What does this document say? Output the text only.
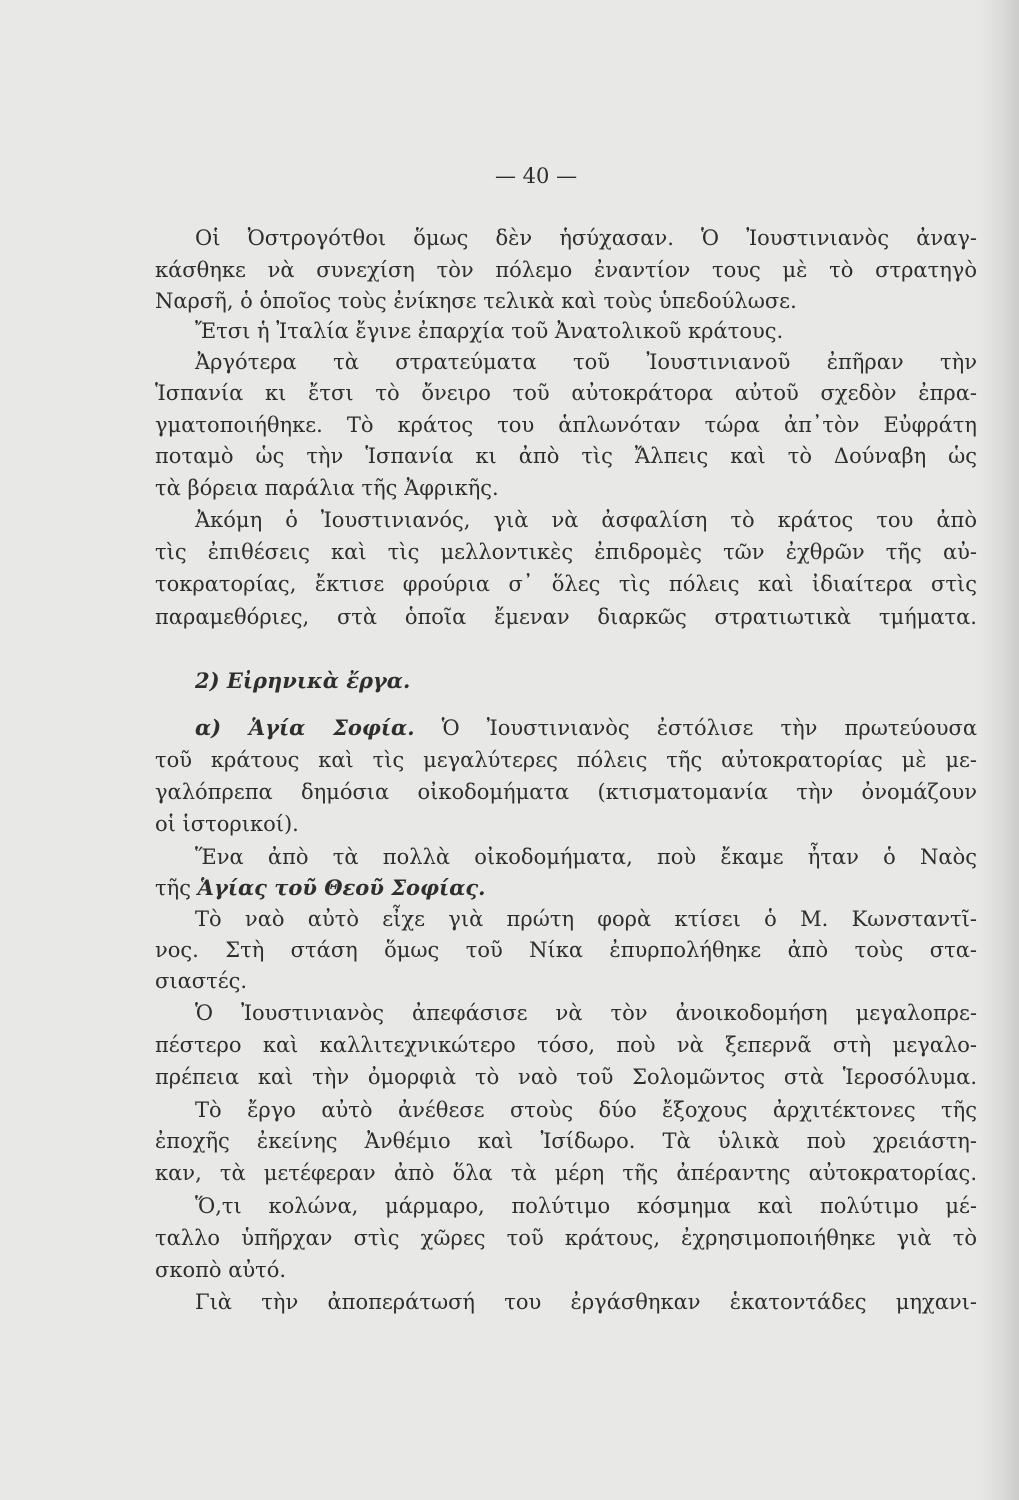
— 40 —
Οἱ Ὀστρογότθοι ὅμως δὲν ἡσύχασαν. Ὁ Ἰουστινιανὸς ἀναγ-
κάσθηκε νὰ συνεχίση τὸν πόλεμο ἐναντίον τους μὲ τὸ στρατηγὸ
Ναρσῆ, ὁ ὁποῖος τοὺς ἐνίκησε τελικὰ καὶ τοὺς ὑπεδούλωσε.
Ἔτσι ἡ Ἰταλία ἔγινε ἐπαρχία τοῦ Ἀνατολικοῦ κράτους.
Ἀργότερα τὰ στρατεύματα τοῦ Ἰουστινιανοῦ ἐπῆραν τὴν
Ἱσπανία κι ἔτσι τὸ ὄνειρο τοῦ αὐτοκράτορα αὐτοῦ σχεδὸν ἐπρα-
γματοποιήθηκε. Τὸ κράτος του ἁπλωνόταν τώρα ἀπ᾽τὸν Εὐφράτη
ποταμὸ ὡς τὴν Ἱσπανία κι ἀπὸ τὶς Ἄλπεις καὶ τὸ Δούναβη ὡς
τὰ βόρεια παράλια τῆς Ἀφρικῆς.
Ἀκόμη ὁ Ἰουστινιανός, γιὰ νὰ ἀσφαλίση τὸ κράτος του ἀπὸ
τὶς ἐπιθέσεις καὶ τὶς μελλοντικὲς ἐπιδρομὲς τῶν ἐχθρῶν τῆς αὐ-
τοκρατορίας, ἔκτισε φρούρια σ᾽ ὅλες τὶς πόλεις καὶ ἰδιαίτερα στὶς
παραμεθόριες, στὰ ὁποῖα ἔμεναν διαρκῶς στρατιωτικὰ τμήματα.
2) Εἰρηνικὰ ἔργα.
α) Ἁγία Σοφία. Ὁ Ἰουστινιανὸς ἐστόλισε τὴν πρωτεύουσα
τοῦ κράτους καὶ τὶς μεγαλύτερες πόλεις τῆς αὐτοκρατορίας μὲ με-
γαλόπρεπα δημόσια οἰκοδομήματα (κτισματομανία τὴν ὀνομάζουν
οἱ ἱστορικοί).
Ἕνα ἀπὸ τὰ πολλὰ οἰκοδομήματα, ποὺ ἔκαμε ἦταν ὁ Ναὸς
τῆς Ἁγίας τοῦ Θεοῦ Σοφίας.
Τὸ ναὸ αὐτὸ εἶχε γιὰ πρώτη φορὰ κτίσει ὁ Μ. Κωνσταντῖ-
νος. Στὴ στάση ὅμως τοῦ Νίκα ἐπυρπολήθηκε ἀπὸ τοὺς στα-
σιαστές.
Ὁ Ἰουστινιανὸς ἀπεφάσισε νὰ τὸν ἀνοικοδομήση μεγαλοπρε-
πέστερο καὶ καλλιτεχνικώτερο τόσο, ποὺ νὰ ξεπερνᾶ στὴ μεγαλο-
πρέπεια καὶ τὴν ὀμορφιὰ τὸ ναὸ τοῦ Σολομῶντος στὰ Ἱεροσόλυμα.
Τὸ ἔργο αὐτὸ ἀνέθεσε στοὺς δύο ἔξοχους ἀρχιτέκτονες τῆς
ἐποχῆς ἐκείνης Ἀνθέμιο καὶ Ἰσίδωρο. Τὰ ὑλικὰ ποὺ χρειάστη-
καν, τὰ μετέφεραν ἀπὸ ὅλα τὰ μέρη τῆς ἀπέραντης αὐτοκρατορίας.
Ὅ,τι κολώνα, μάρμαρο, πολύτιμο κόσμημα καὶ πολύτιμο μέ-
ταλλο ὑπῆρχαν στὶς χῶρες τοῦ κράτους, ἐχρησιμοποιήθηκε γιὰ τὸ
σκοπὸ αὐτό.
Γιὰ τὴν ἀποπεράτωσή του ἐργάσθηκαν ἑκατοντάδες μηχανι-
